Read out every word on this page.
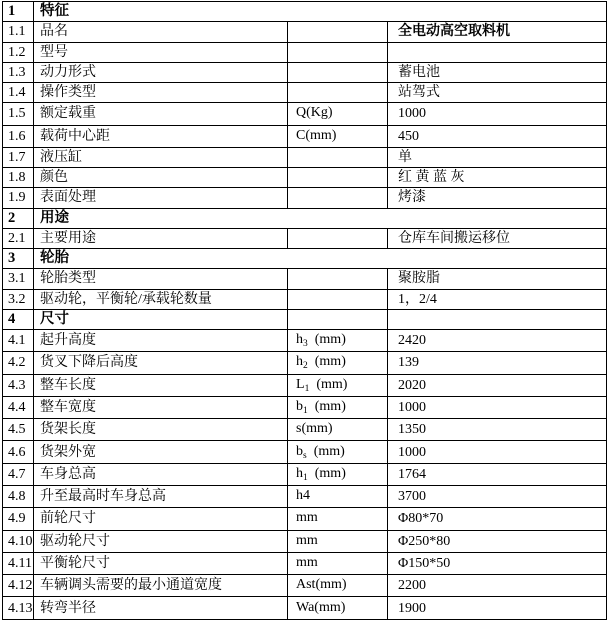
1	特征		
1.1	品名		全电动高空取料机
1.2	型号		
1.3	动力形式		蓄电池
1.4	操作类型		站驾式
1.5	额定载重	Q(Kg)	1000
1.6	载荷中心距	C(mm)	450
1.7	液压缸		单
1.8	颜色		红 黄 蓝 灰
1.9	表面处理		烤漆
2	用途		
2.1	主要用途		仓库车间搬运移位
3	轮胎		
3.1	轮胎类型		聚胺脂
3.2	驱动轮，平衡轮/承载轮数量		1，2/4
4	尺寸		
4.1	起升高度	$h_3$  (mm)	2420
4.2	货叉下降后高度	$h_2$  (mm)	139
4.3	整车长度	$L_1$  (mm)	2020
4.4	整车宽度	$b_1$  (mm)	1000
4.5	货架长度	s(mm)	1350
4.6	货架外宽	$b_s$  (mm)	1000
4.7	车身总高	$h_1$  (mm)	1764
4.8	升至最高时车身总高	h4	3700
4.9	前轮尺寸	mm	Φ80*70
4.10	驱动轮尺寸	mm	Φ250*80
4.11	平衡轮尺寸	mm	Φ150*50
4.12	车辆调头需要的最小通道宽度	Ast(mm)	2200
4.13	转弯半径	Wa(mm)	1900
